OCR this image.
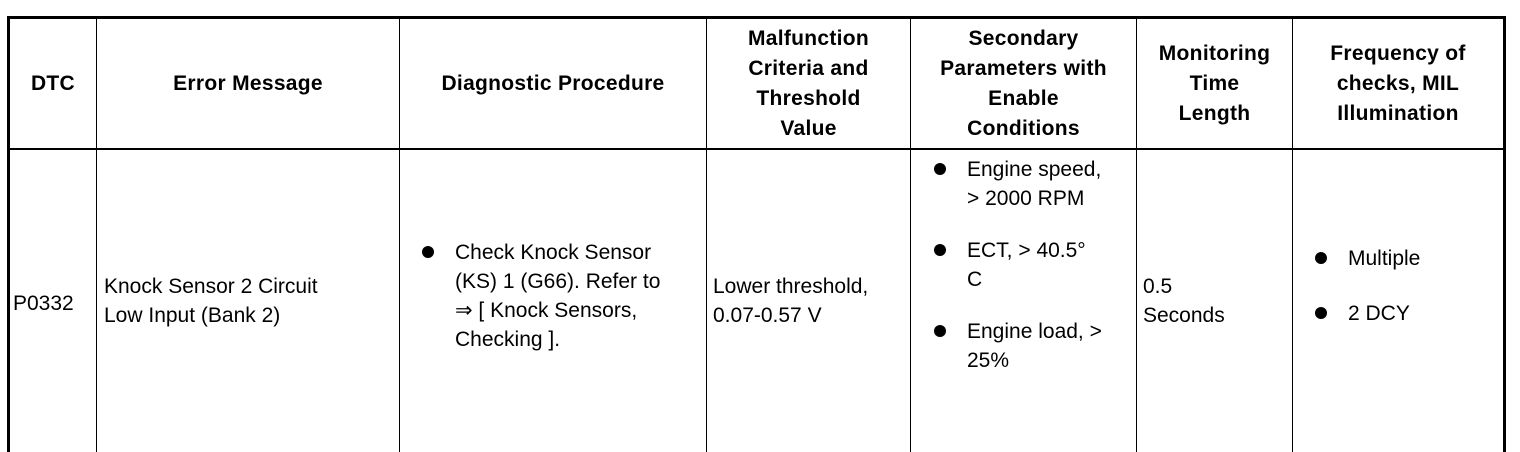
DTC	Error Message	Diagnostic Procedure
Malfunction
Criteria and
Threshold
Value
Secondary
Parameters with
Enable
Conditions
Monitoring
Time
Length
Frequency of
checks, MIL
Illumination
P0332
Knock Sensor 2 Circuit
Low Input (Bank 2)
Check Knock Sensor
(KS) 1 (G66). Refer to
⇒ [ Knock Sensors,
Checking ].
Lower threshold,
0.07-0.57 V
Engine speed,
> 2000 RPM
ECT, > 40.5°
C
Engine load, >
25%
0.5
Seconds
Multiple
2 DCY
